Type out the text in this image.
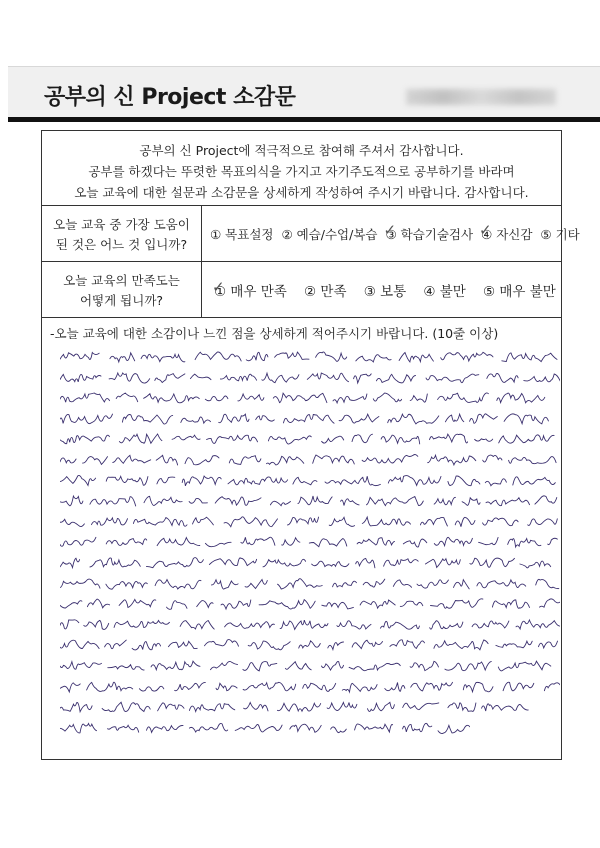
공부의 신 Project 소감문
공부의 신 Project에 적극적으로 참여해 주셔서 감사합니다.
공부를 하겠다는 뚜렷한 목표의식을 가지고 자기주도적으로 공부하기를 바라며
오늘 교육에 대한 설문과 소감문을 상세하게 작성하여 주시기 바랍니다. 감사합니다.
오늘 교육 중 가장 도움이
된 것은 어느 것 입니까?
① 목표설정 ② 예습/수업/복습 ③ 학습기술검사 ✓ ④ 자신감 ✓ ⑤ 기타
오늘 교육의 만족도는
어떻게 됩니까?
① 매우 만족 ✓ ② 만족 ③ 보통 ④ 불만 ⑤ 매우 불만
-오늘 교육에 대한 소감이나 느낀 점을 상세하게 적어주시기 바랍니다. (10줄 이상)
